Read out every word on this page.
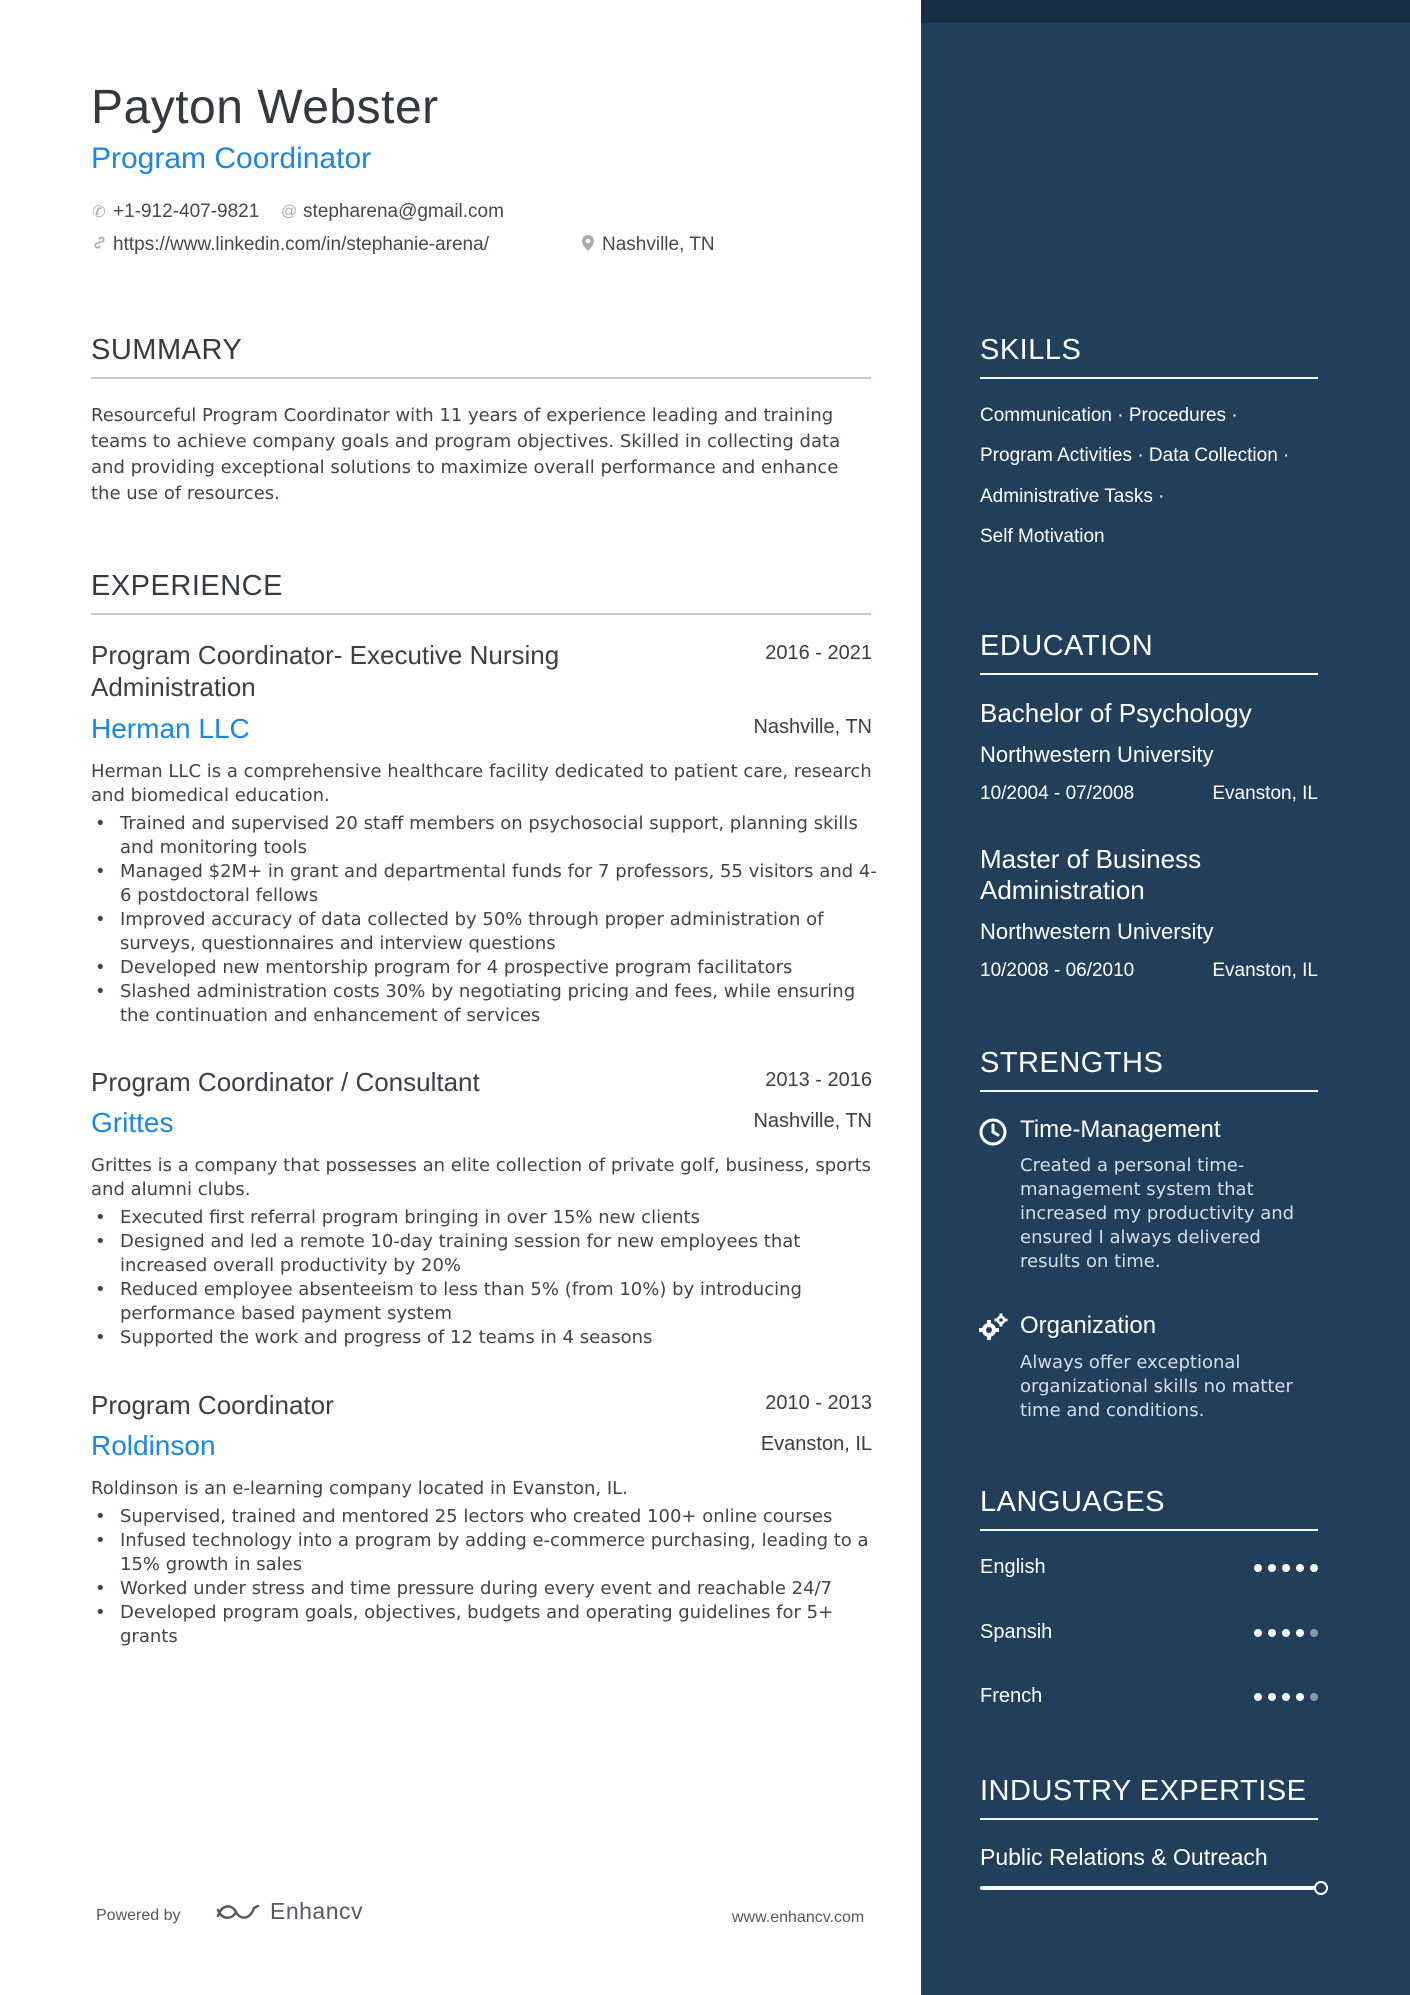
Payton Webster
Program Coordinator
✆ +1-912-407-9821 @ stepharena@gmail.com
https://www.linkedin.com/in/stephanie-arena/	Nashville, TN
SUMMARY
Resourceful Program Coordinator with 11 years of experience leading and training teams to achieve company goals and program objectives. Skilled in collecting data and providing exceptional solutions to maximize overall performance and enhance the use of resources.
EXPERIENCE
Program Coordinator- Executive Nursing Administration
2016 - 2021
Herman LLC	Nashville, TN
Herman LLC is a comprehensive healthcare facility dedicated to patient care, research and biomedical education.
• Trained and supervised 20 staff members on psychosocial support, planning skills and monitoring tools
• Managed $2M+ in grant and departmental funds for 7 professors, 55 visitors and 4-6 postdoctoral fellows
• Improved accuracy of data collected by 50% through proper administration of surveys, questionnaires and interview questions
• Developed new mentorship program for 4 prospective program facilitators
• Slashed administration costs 30% by negotiating pricing and fees, while ensuring the continuation and enhancement of services
Program Coordinator / Consultant	2013 - 2016
Grittes	Nashville, TN
Grittes is a company that possesses an elite collection of private golf, business, sports and alumni clubs.
• Executed first referral program bringing in over 15% new clients
• Designed and led a remote 10-day training session for new employees that increased overall productivity by 20%
• Reduced employee absenteeism to less than 5% (from 10%) by introducing performance based payment system
• Supported the work and progress of 12 teams in 4 seasons
Program Coordinator	2010 - 2013
Roldinson	Evanston, IL
Roldinson is an e-learning company located in Evanston, IL.
• Supervised, trained and mentored 25 lectors who created 100+ online courses
• Infused technology into a program by adding e-commerce purchasing, leading to a 15% growth in sales
• Worked under stress and time pressure during every event and reachable 24/7
• Developed program goals, objectives, budgets and operating guidelines for 5+ grants
Powered by	Enhancv	www.enhancv.com
SKILLS
Communication · Procedures ·
Program Activities · Data Collection ·
Administrative Tasks ·
Self Motivation
EDUCATION
Bachelor of Psychology
Northwestern University
10/2004 - 07/2008	Evanston, IL
Master of Business Administration
Northwestern University
10/2008 - 06/2010	Evanston, IL
STRENGTHS
Time-Management
Created a personal time-management system that increased my productivity and ensured I always delivered results on time.
Organization
Always offer exceptional organizational skills no matter time and conditions.
LANGUAGES
English
Spansih
French
INDUSTRY EXPERTISE
Public Relations & Outreach
